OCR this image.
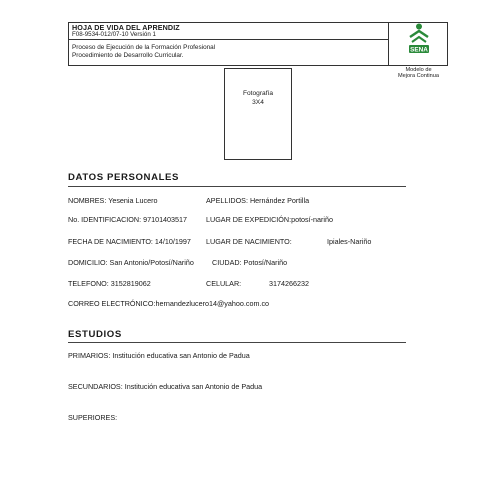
HOJA DE VIDA DEL APRENDIZ
F08-9534-012/07-10 Versión 1
Proceso de Ejecución de la Formación Profesional
Procedimiento de Desarrollo Curricular.
SENA
Modelo de
Mejora Continua
Fotografía
3X4
DATOS PERSONALES
NOMBRES: Yesenia Lucero	APELLIDOS: Hernández Portilla
No. IDENTIFICACION: 97101403517	LUGAR DE EXPEDICIÓN:potosí-nariño
FECHA DE NACIMIENTO: 14/10/1997 LUGAR DE NACIMIENTO:	Ipiales-Nariño
DOMICILIO: San Antonio/Potosí/Nariño	CIUDAD: Potosí/Nariño
TELEFONO: 3152819062	CELULAR:	3174266232
CORREO ELECTRÓNICO:hernandezlucero14@yahoo.com.co
ESTUDIOS
PRIMARIOS: Institución educativa san Antonio de Padua
SECUNDARIOS: Institución educativa san Antonio de Padua
SUPERIORES:
